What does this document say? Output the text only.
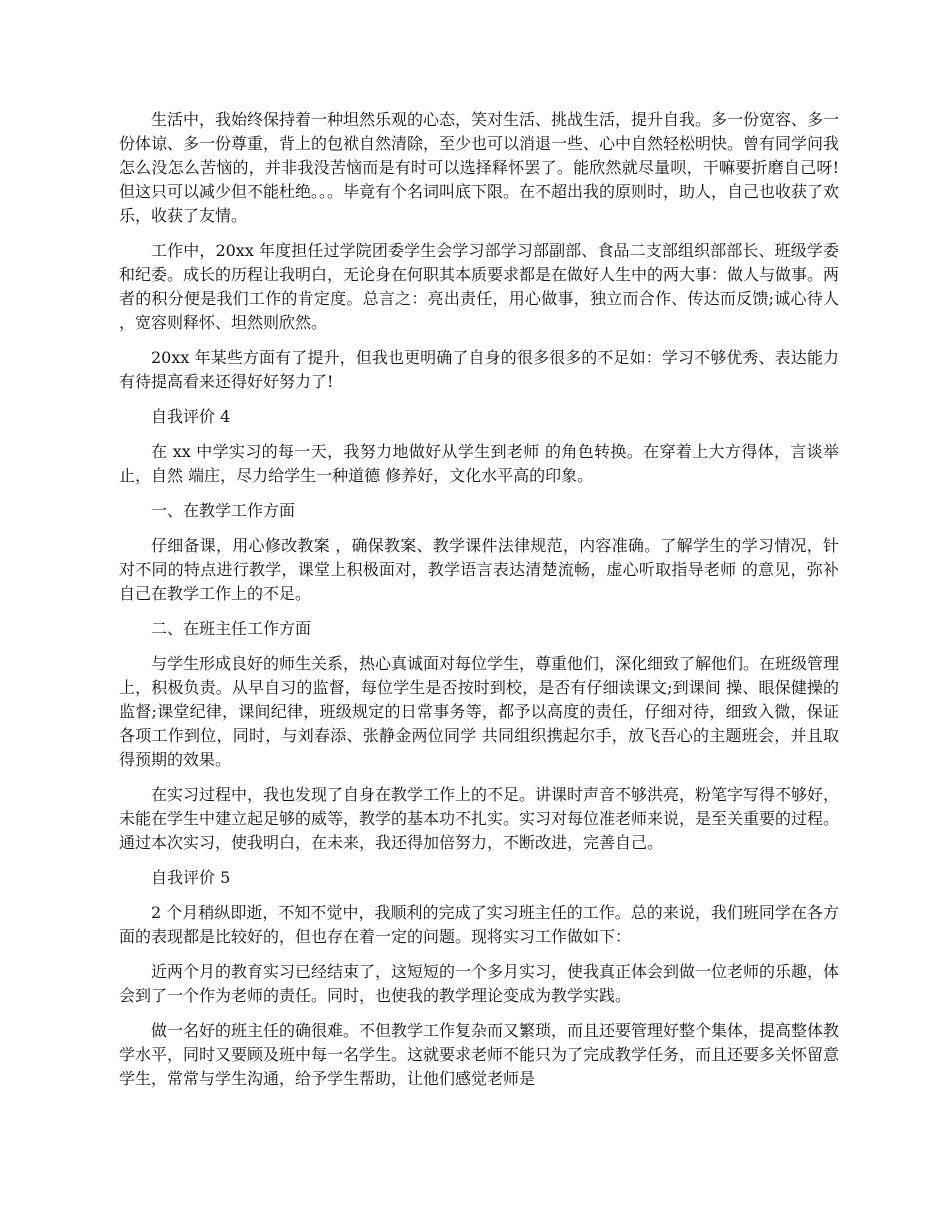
生活中，我始终保持着一种坦然乐观的心态，笑对生活、挑战生活，提升自我。多一份宽容、多一份体谅、多一份尊重，背上的包袱自然清除，至少也可以消退一些、心中自然轻松明快。曾有同学问我怎么没怎么苦恼的，并非我没苦恼而是有时可以选择释怀罢了。能欣然就尽量呗，干嘛要折磨自己呀!但这只可以减少但不能杜绝。。。毕竟有个名词叫底下限。在不超出我的原则时，助人，自己也收获了欢乐，收获了友情。

工作中，20xx 年度担任过学院团委学生会学习部学习部副部、食品二支部组织部部长、班级学委和纪委。成长的历程让我明白，无论身在何职其本质要求都是在做好人生中的两大事：做人与做事。两者的积分便是我们工作的肯定度。总言之：亮出责任，用心做事，独立而合作、传达而反馈;诚心待人，宽容则释怀、坦然则欣然。

20xx 年某些方面有了提升，但我也更明确了自身的很多很多的不足如：学习不够优秀、表达能力有待提高看来还得好好努力了!

自我评价 4

在 xx 中学实习的每一天，我努力地做好从学生到老师 的角色转换。在穿着上大方得体，言谈举止，自然 端庄，尽力给学生一种道德 修养好，文化水平高的印象。

一、在教学工作方面

仔细备课，用心修改教案 ，确保教案、教学课件法律规范，内容准确。了解学生的学习情况，针对不同的特点进行教学，课堂上积极面对，教学语言表达清楚流畅，虚心听取指导老师 的意见，弥补自己在教学工作上的不足。

二、在班主任工作方面

与学生形成良好的师生关系，热心真诚面对每位学生，尊重他们，深化细致了解他们。在班级管理 上，积极负责。从早自习的监督，每位学生是否按时到校，是否有仔细读课文;到课间 操、眼保健操的监督;课堂纪律，课间纪律，班级规定的日常事务等，都予以高度的责任，仔细对待，细致入微，保证各项工作到位，同时，与刘春添、张静金两位同学 共同组织携起尔手，放飞吾心的主题班会，并且取得预期的效果。

在实习过程中，我也发现了自身在教学工作上的不足。讲课时声音不够洪亮，粉笔字写得不够好，未能在学生中建立起足够的威等，教学的基本功不扎实。实习对每位准老师来说，是至关重要的过程。通过本次实习，使我明白，在未来，我还得加倍努力，不断改进，完善自己。

自我评价 5

2 个月稍纵即逝，不知不觉中，我顺利的完成了实习班主任的工作。总的来说，我们班同学在各方面的表现都是比较好的，但也存在着一定的问题。现将实习工作做如下：

近两个月的教育实习已经结束了，这短短的一个多月实习，使我真正体会到做一位老师的乐趣，体会到了一个作为老师的责任。同时，也使我的教学理论变成为教学实践。

做一名好的班主任的确很难。不但教学工作复杂而又繁琐，而且还要管理好整个集体，提高整体教学水平，同时又要顾及班中每一名学生。这就要求老师不能只为了完成教学任务，而且还要多关怀留意学生，常常与学生沟通，给予学生帮助，让他们感觉老师是
